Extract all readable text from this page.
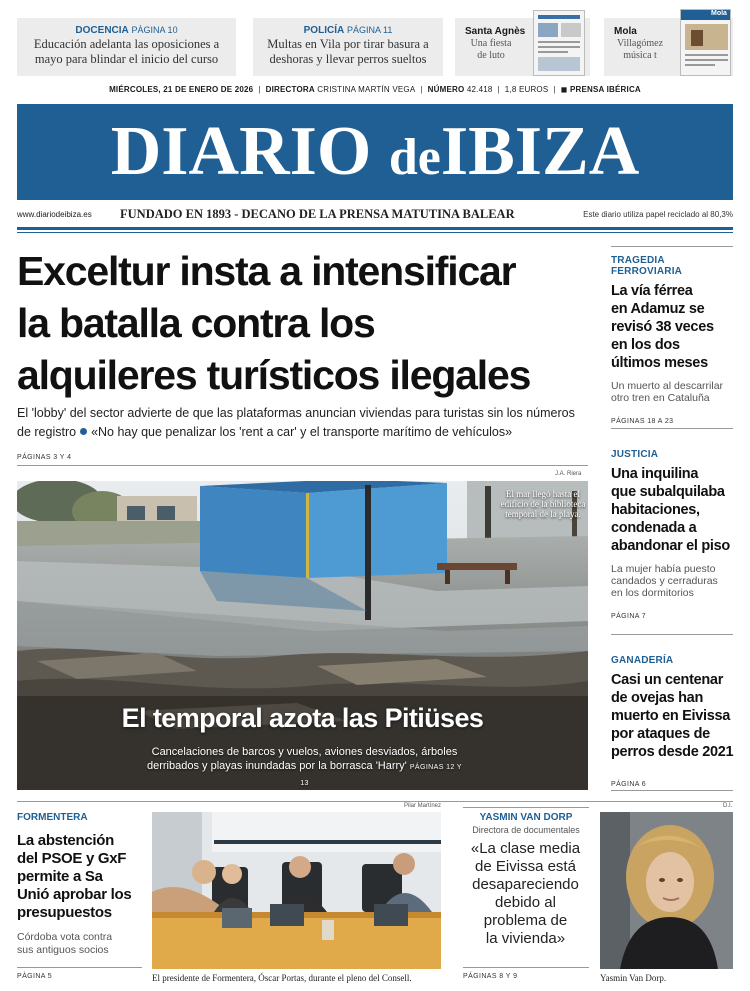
DOCENCIA PÀGINA 10
Educación adelanta las oposiciones a mayo para blindar el inicio del curso
POLICÍA PÁGINA 11
Multas en Vila por tirar basura a deshoras y llevar perros sueltos
Santa Agnès
Una fiesta de luto
Mola
Villagómez música t
Mola
MIÉRCOLES, 21 DE ENERO DE 2026 | DIRECTORA CRISTINA MARTÍN VEGA | NÚMERO 42.418 | 1,8 EUROS | ◼ PRENSA IBÉRICA
DIARIO deIBIZA
www.diariodeibiza.es FUNDADO EN 1893 - DECANO DE LA PRENSA MATUTINA BALEAR	Este diario utiliza papel reciclado al 80,3%
Exceltur insta a intensificar
la batalla contra los
alquileres turísticos ilegales
El 'lobby' del sector advierte de que las plataformas anuncian viviendas para turistas sin los números de registro «No hay que penalizar los 'rent a car' y el transporte marítimo de vehículos»
PÁGINAS 3 Y 4
J.A. Riera
El mar llegó hasta el edificio de la biblioteca temporal de la playa.
El temporal azota las Pitiüses
Cancelaciones de barcos y vuelos, aviones desviados, árboles derribados y playas inundadas por la borrasca 'Harry' PÁGINAS 12 Y 13
TRAGEDIA FERROVIARIA
La vía férrea
en Adamuz se
revisó 38 veces
en los dos
últimos meses
Un muerto al descarrilar
otro tren en Cataluña
PÁGINAS 18 A 23
JUSTICIA
Una inquilina
que subalquilaba
habitaciones,
condenada a
abandonar el piso
La mujer había puesto
candados y cerraduras
en los dormitorios
PÁGINA 7
GANADERÍA
Casi un centenar
de ovejas han
muerto en Eivissa
por ataques de
perros desde 2021
PÁGINA 6
FORMENTERA
La abstención
del PSOE y GxF
permite a Sa
Unió aprobar los
presupuestos
Córdoba vota contra
sus antiguos socios
PÀGINA 5
Pilar Martínez
El presidente de Formentera, Óscar Portas, durante el pleno del Consell.
YASMIN VAN DORP
Directora de documentales
«La clase media
de Eivissa está
desapareciendo
debido al
problema de
la vivienda»
PÁGINAS 8 Y 9
D.I.
Yasmin Van Dorp.
